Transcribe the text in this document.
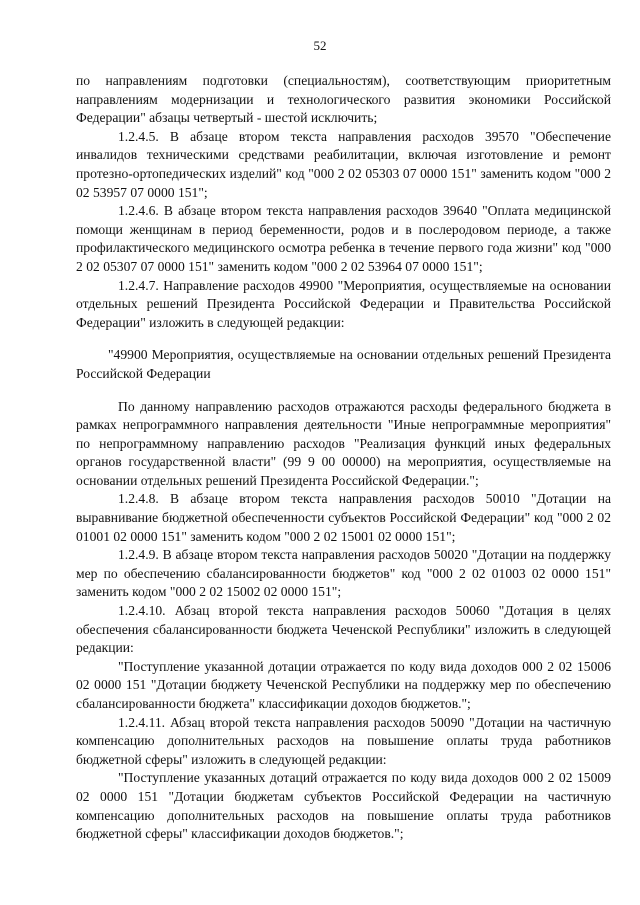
52

по направлениям подготовки (специальностям), соответствующим приоритетным направлениям модернизации и технологического развития экономики Российской Федерации" абзацы четвертый - шестой исключить;

1.2.4.5. В абзаце втором текста направления расходов 39570 "Обеспечение инвалидов техническими средствами реабилитации, включая изготовление и ремонт протезно-ортопедических изделий" код "000 2 02 05303 07 0000 151" заменить кодом "000 2 02 53957 07 0000 151";

1.2.4.6. В абзаце втором текста направления расходов 39640 "Оплата медицинской помощи женщинам в период беременности, родов и в послеродовом периоде, а также профилактического медицинского осмотра ребенка в течение первого года жизни" код "000 2 02 05307 07 0000 151" заменить кодом "000 2 02 53964 07 0000 151";

1.2.4.7. Направление расходов 49900 "Мероприятия, осуществляемые на основании отдельных решений Президента Российской Федерации и Правительства Российской Федерации" изложить в следующей редакции:

"49900 Мероприятия, осуществляемые на основании отдельных решений Президента Российской Федерации

По данному направлению расходов отражаются расходы федерального бюджета в рамках непрограммного направления деятельности "Иные непрограммные мероприятия" по непрограммному направлению расходов "Реализация функций иных федеральных органов государственной власти" (99 9 00 00000) на мероприятия, осуществляемые на основании отдельных решений Президента Российской Федерации.";

1.2.4.8. В абзаце втором текста направления расходов 50010 "Дотации на выравнивание бюджетной обеспеченности субъектов Российской Федерации" код "000 2 02 01001 02 0000 151" заменить кодом "000 2 02 15001 02 0000 151";

1.2.4.9. В абзаце втором текста направления расходов 50020 "Дотации на поддержку мер по обеспечению сбалансированности бюджетов" код "000 2 02 01003 02 0000 151" заменить кодом "000 2 02 15002 02 0000 151";

1.2.4.10. Абзац второй текста направления расходов 50060 "Дотация в целях обеспечения сбалансированности бюджета Чеченской Республики" изложить в следующей редакции:

"Поступление указанной дотации отражается по коду вида доходов 000 2 02 15006 02 0000 151 "Дотации бюджету Чеченской Республики на поддержку мер по обеспечению сбалансированности бюджета" классификации доходов бюджетов.";

1.2.4.11. Абзац второй текста направления расходов 50090 "Дотации на частичную компенсацию дополнительных расходов на повышение оплаты труда работников бюджетной сферы" изложить в следующей редакции:

"Поступление указанных дотаций отражается по коду вида доходов 000 2 02 15009 02 0000 151 "Дотации бюджетам субъектов Российской Федерации на частичную компенсацию дополнительных расходов на повышение оплаты труда работников бюджетной сферы" классификации доходов бюджетов.";
